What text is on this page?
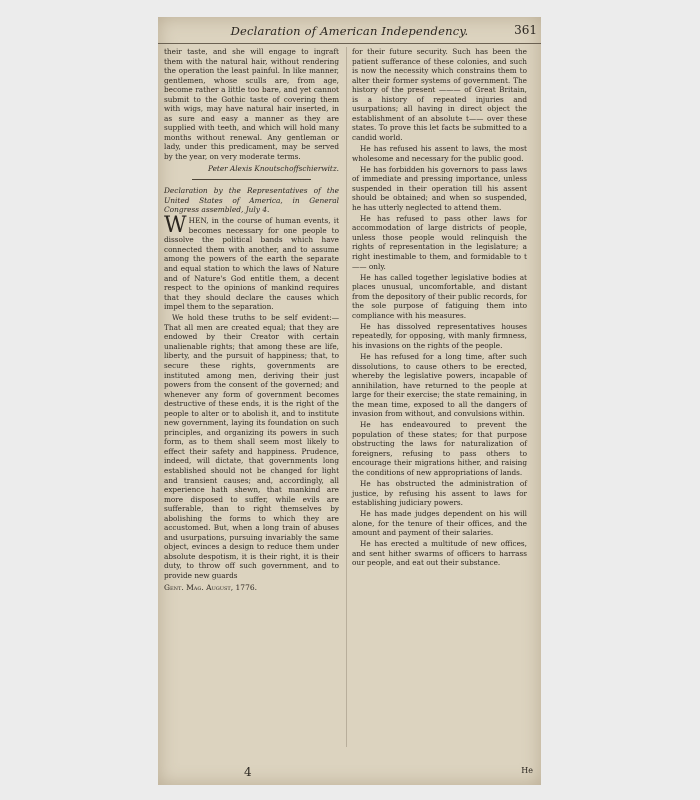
Declaration of American Independency.	361

their taste, and she will engage to ingraft them with the natural hair, without rendering the operation the least painful. In like manner, gentlemen, whose sculls are, from age, become rather a little too bare, and yet cannot submit to the Gothic taste of covering them with wigs, may have natural hair inserted, in as sure and easy a manner as they are supplied with teeth, and which will hold many months without renewal. Any gentleman or lady, under this predicament, may be served by the year, on very moderate terms.

Peter Alexis Knoutschoffschierwitz.

Declaration by the Representatives of the United States of America, in General Congress assembled, July 4.

WHEN, in the course of human events, it becomes necessary for one people to dissolve the political bands which have connected them with another, and to assume among the powers of the earth the separate and equal station to which the laws of Nature and of Nature's God entitle them, a decent respect to the opinions of mankind requires that they should declare the causes which impel them to the separation.

We hold these truths to be self evident:—That all men are created equal; that they are endowed by their Creator with certain unalienable rights; that among these are life, liberty, and the pursuit of happiness; that, to secure these rights, governments are instituted among men, deriving their just powers from the consent of the governed; and whenever any form of government becomes destructive of these ends, it is the right of the people to alter or to abolish it, and to institute new government, laying its foundation on such principles, and organizing its powers in such form, as to them shall seem most likely to effect their safety and happiness. Prudence, indeed, will dictate, that governments long established should not be changed for light and transient causes; and, accordingly, all experience hath shewn, that mankind are more disposed to suffer, while evils are sufferable, than to right themselves by abolishing the forms to which they are accustomed. But, when a long train of abuses and usurpations, pursuing invariably the same object, evinces a design to reduce them under absolute despotism, it is their right, it is their duty, to throw off such government, and to provide new guards

Gent. Mag. August, 1776.

for their future security. Such has been the patient sufferance of these colonies, and such is now the necessity which constrains them to alter their former systems of government. The history of the present ——— of Great Britain, is a history of repeated injuries and usurpations; all having in direct object the establishment of an absolute t—— over these states. To prove this let facts be submitted to a candid world.

He has refused his assent to laws, the most wholesome and necessary for the public good.

He has forbidden his governors to pass laws of immediate and pressing importance, unless suspended in their operation till his assent should be obtained; and when so suspended, he has utterly neglected to attend them.

He has refused to pass other laws for accommodation of large districts of people, unless those people would relinquish the rights of representation in the legislature; a right inestimable to them, and formidable to t—— only.

He has called together legislative bodies at places unusual, uncomfortable, and distant from the depository of their public records, for the sole purpose of fatiguing them into compliance with his measures.

He has dissolved representatives houses repeatedly, for opposing, with manly firmness, his invasions on the rights of the people.

He has refused for a long time, after such dissolutions, to cause others to be erected, whereby the legislative powers, incapable of annihilation, have returned to the people at large for their exercise; the state remaining, in the mean time, exposed to all the dangers of invasion from without, and convulsions within.

He has endeavoured to prevent the population of these states; for that purpose obstructing the laws for naturalization of foreigners, refusing to pass others to encourage their migrations hither, and raising the conditions of new appropriations of lands.

He has obstructed the administration of justice, by refusing his assent to laws for establishing judiciary powers.

He has made judges dependent on his will alone, for the tenure of their offices, and the amount and payment of their salaries.

He has erected a multitude of new offices, and sent hither swarms of officers to harrass our people, and eat out their substance.

4	He
